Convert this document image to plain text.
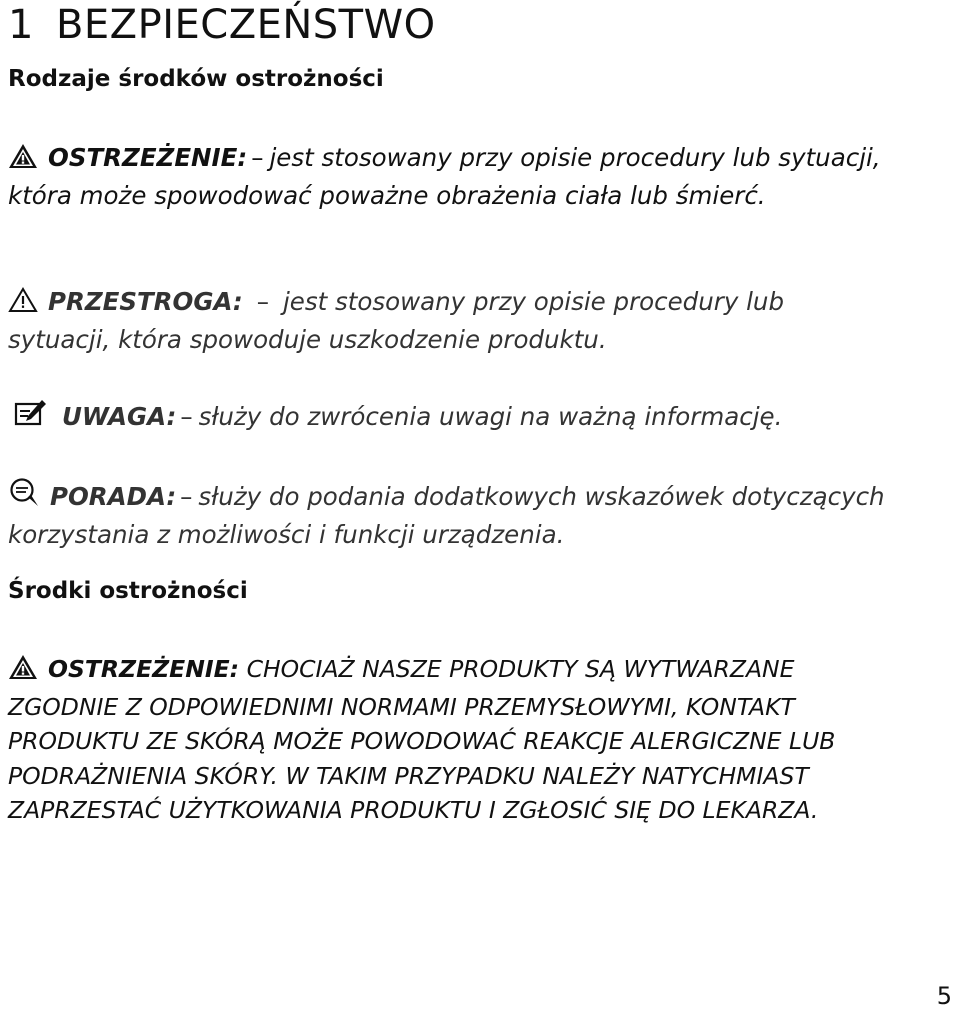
1 BEZPIECZEŃSTWO
Rodzaje środków ostrożności

OSTRZEŻENIE: – jest stosowany przy opisie procedury lub sytuacji, która może spowodować poważne obrażenia ciała lub śmierć.

PRZESTROGA: – jest stosowany przy opisie procedury lub sytuacji, która spowoduje uszkodzenie produktu.

UWAGA: – służy do zwrócenia uwagi na ważną informację.

PORADA: – służy do podania dodatkowych wskazówek dotyczących korzystania z możliwości i funkcji urządzenia.

Środki ostrożności

OSTRZEŻENIE: CHOCIAŻ NASZE PRODUKTY SĄ WYTWARZANE ZGODNIE Z ODPOWIEDNIMI NORMAMI PRZEMYSŁOWYMI, KONTAKT PRODUKTU ZE SKÓRĄ MOŻE POWODOWAĆ REAKCJE ALERGICZNE LUB PODRAŻNIENIA SKÓRY. W TAKIM PRZYPADKU NALEŻY NATYCHMIAST ZAPRZESTAĆ UŻYTKOWANIA PRODUKTU I ZGŁOSIĆ SIĘ DO LEKARZA.

5
